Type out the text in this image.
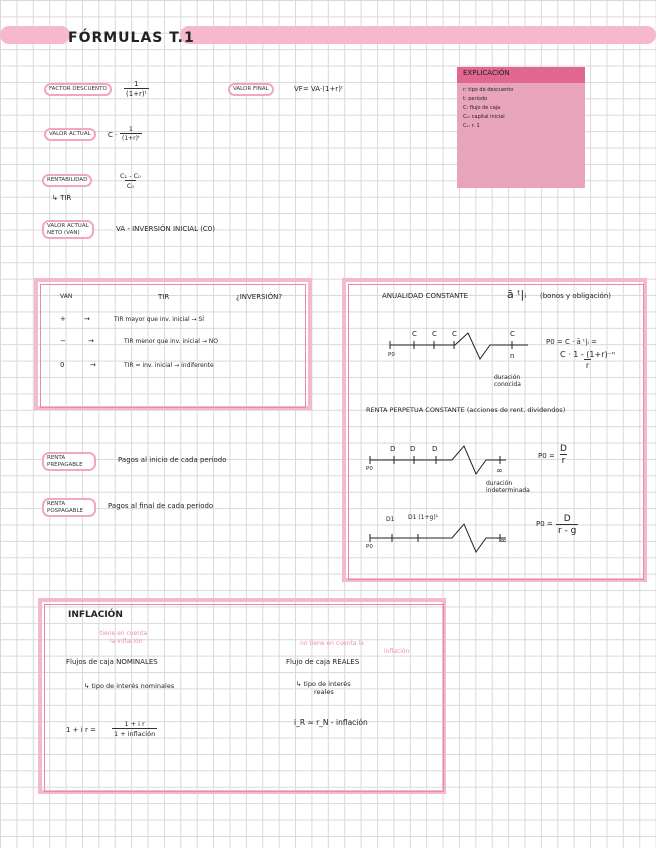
FÓRMULAS T.1
FACTOR DESCUENTO	$\frac{1}{\text{(1+r)ᵗ}}$	VALOR FINAL	VF= VA·(1+r)ᵗ
EXPLICACIÓN
r: tipo de descuento
t: periodo
C: flujo de caja
C₀: capital inicial
C₁: r. 1
VALOR ACTUAL	$C \cdot \frac{1}{\text{(1+r)ᵗ}}$
RENTABILIDAD
↳ TIR
$\frac{\text{C₁ - C₀}}{\text{C₀}}$
VALOR ACTUAL
NETO (VAN)	VA - INVERSIÓN INICIAL (C0)
VAN	TIR	¿INVERSIÓN?
+	→	TIR mayor que inv. inicial → SÍ
−	→	TIR menor que inv. inicial → NO
0	→	TIR = inv. inicial → indiferente
ANUALIDAD CONSTANTE	ā ᵗ|ᵢ (bonos y obligación)
C C C	C
P0	n
duración conocida
P0 = C · ā ᵗ|ᵢ =
$\frac{\text{C · 1 - (1+r)⁻ⁿ}}{r}$
RENTA PERPETUA CONSTANTE (acciones de rent. dividendos)
D D D
P0	∞
duración indeterminada
$P0 = \frac{D}{r}$
D1 D1 (1+g)¹
P0
∞
$P0 = \frac{D}{r - g}$
RENTA PREPAGABLE
Pagos al inicio de cada periodo
RENTA POSPAGABLE
Pagos al final de cada periodo
INFLACIÓN
tiene en cuenta
la inflación	no tiene en cuenta la
inflación
Flujos de caja NOMINALES
↳ tipo de interés nominales
Flujo de caja REALES
↳ tipo de interés
reales
1 + i r =
1 + i r
1 + inflación
i_R ≈ r_N - inflación
